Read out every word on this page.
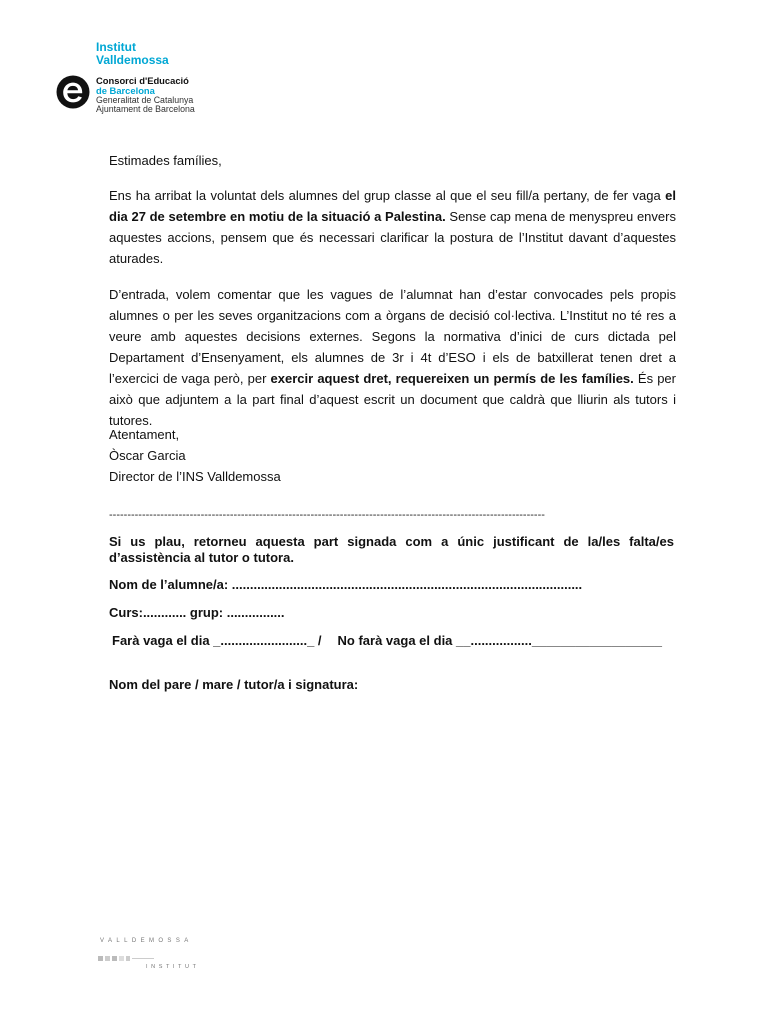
Institut
Valldemossa
Consorci d'Educació
de Barcelona
Generalitat de Catalunya
Ajuntament de Barcelona
Estimades famílies,
Ens ha arribat la voluntat dels alumnes del grup classe al que el seu fill/a pertany, de fer vaga el dia 27 de setembre en motiu de la situació a Palestina. Sense cap mena de menyspreu envers aquestes accions, pensem que és necessari clarificar la postura de l’Institut davant d’aquestes aturades.
D’entrada, volem comentar que les vagues de l’alumnat han d’estar convocades pels propis alumnes o per les seves organitzacions com a òrgans de decisió col·lectiva. L’Institut no té res a veure amb aquestes decisions externes. Segons la normativa d’inici de curs dictada pel Departament d’Ensenyament, els alumnes de 3r i 4t d’ESO i els de batxillerat tenen dret a l’exercici de vaga però, per exercir aquest dret, requereixen un permís de les famílies. És per això que adjuntem a la part final d’aquest escrit un document que caldrà que lliurin als tutors i tutores.
Atentament,
Òscar Garcia
Director de l’INS Valldemossa
-----------------------------------------------------------------------------------------------------------------------
Si us plau, retorneu aquesta part signada com a únic justificant de la/les falta/es d’assistència al tutor o tutora.
Nom de l’alumne/a: .................................................................................................
Curs:............ grup: ................
Farà vaga el dia _........................_ / No farà vaga el dia __.................__________________
Nom del pare / mare / tutor/a i signatura:
VALLDEMOSSA
INSTITUT
